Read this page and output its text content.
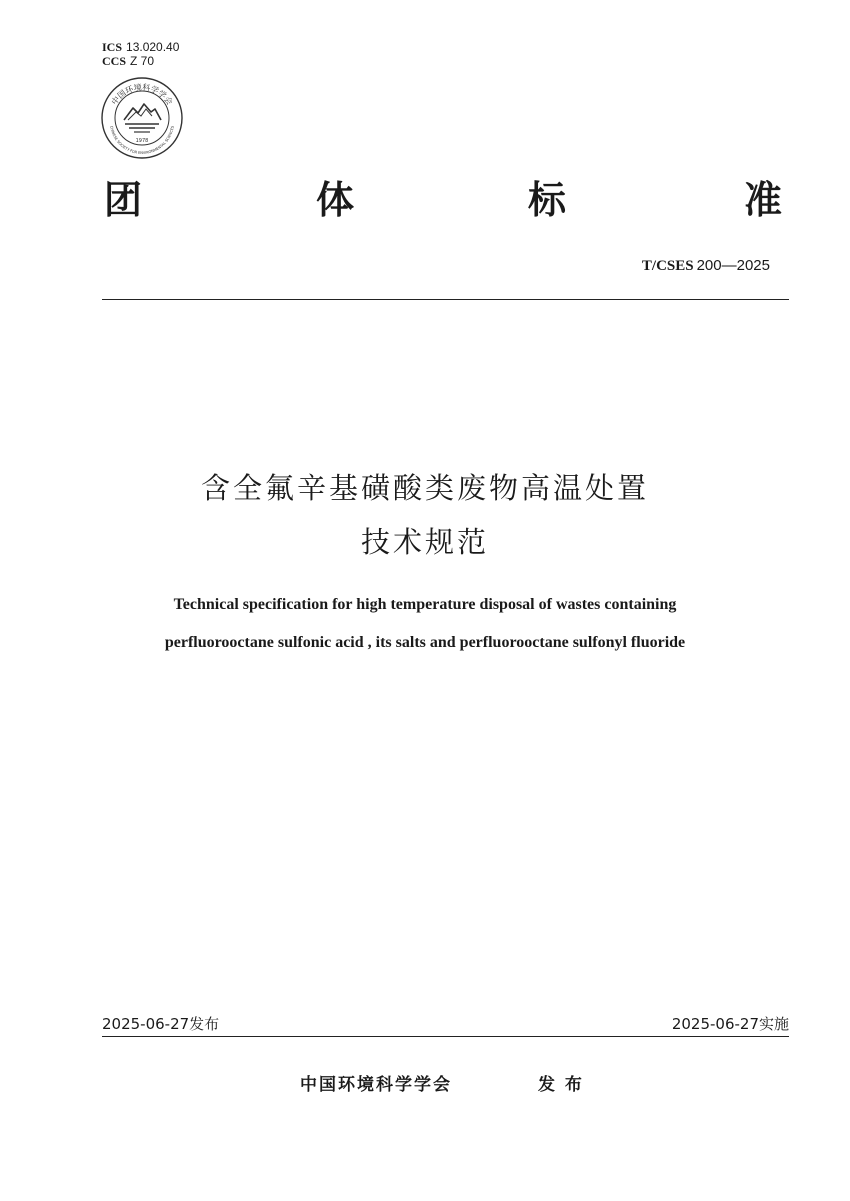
ICS 13.020.40
CCS Z 70
中国环境科学学会
CHINESE SOCIETY FOR ENVIRONMENTAL SCIENCES
1978
团	体	标	准
T/CSES 200—2025
含全氟辛基磺酸类废物高温处置
技术规范
Technical specification for high temperature disposal of wastes containing
perfluorooctane sulfonic acid , its salts and perfluorooctane sulfonyl fluoride
2025-06-27发布	2025-06-27实施
中国环境科学学会	发 布
